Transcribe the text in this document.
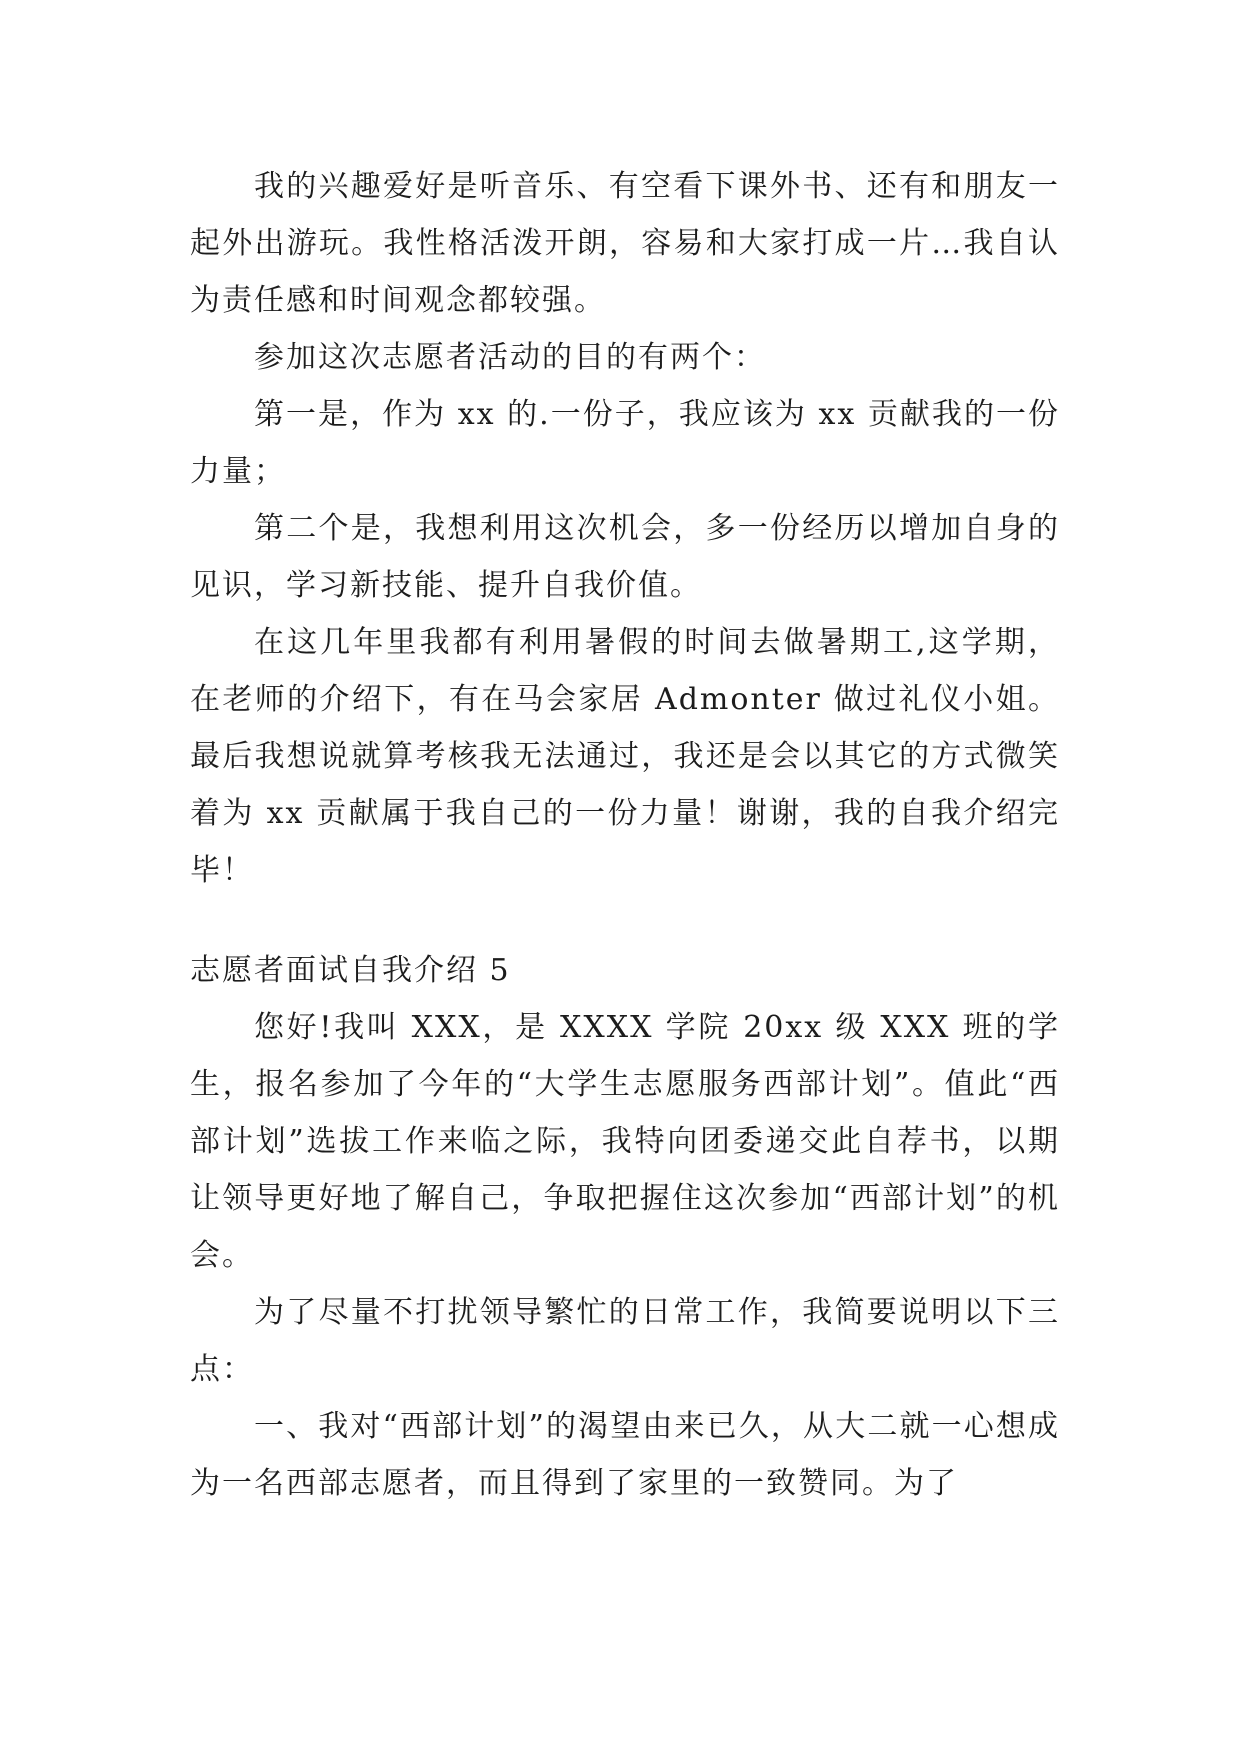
我的兴趣爱好是听音乐、有空看下课外书、还有和朋友一起外出游玩。我性格活泼开朗，容易和大家打成一片…我自认为责任感和时间观念都较强。

参加这次志愿者活动的目的有两个：

第一是，作为 xx 的.一份子，我应该为 xx 贡献我的一份力量；

第二个是，我想利用这次机会，多一份经历以增加自身的见识，学习新技能、提升自我价值。

在这几年里我都有利用暑假的时间去做暑期工,这学期，在老师的介绍下，有在马会家居 Admonter 做过礼仪小姐。最后我想说就算考核我无法通过，我还是会以其它的方式微笑着为 xx 贡献属于我自己的一份力量！谢谢，我的自我介绍完毕！

志愿者面试自我介绍 5

您好!我叫 XXX，是 XXXX 学院 20xx 级 XXX 班的学生，报名参加了今年的“大学生志愿服务西部计划”。值此“西部计划”选拔工作来临之际，我特向团委递交此自荐书，以期让领导更好地了解自己，争取把握住这次参加“西部计划”的机会。

为了尽量不打扰领导繁忙的日常工作，我简要说明以下三点：

一、我对“西部计划”的渴望由来已久，从大二就一心想成为一名西部志愿者，而且得到了家里的一致赞同。为了
